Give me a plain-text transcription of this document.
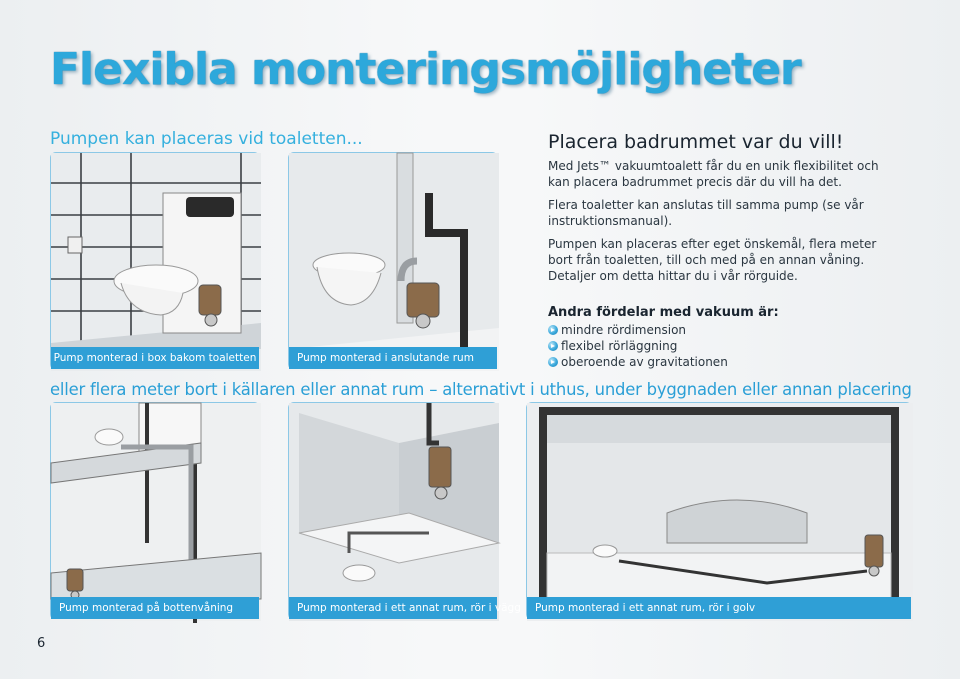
Flexibla monteringsmöjligheter
Pumpen kan placeras vid toaletten...
Pump monterad i box bakom toaletten	Pump monterad i anslutande rum
Placera badrummet var du vill!
Med Jets™ vakuumtoalett får du en unik flexibilitet och kan placera badrummet precis där du vill ha det.
Flera toaletter kan anslutas till samma pump (se vår instruktionsmanual).
Pumpen kan placeras efter eget önskemål, flera meter bort från toaletten, till och med på en annan våning. Detaljer om detta hittar du i vår rörguide.
Andra fördelar med vakuum är:
mindre rördimension
flexibel rörläggning
oberoende av gravitationen
eller flera meter bort i källaren eller annat rum – alternativt i uthus, under byggnaden eller annan placering
Pump monterad på bottenvåning	Pump monterad i ett annat rum, rör i vägg	Pump monterad i ett annat rum, rör i golv
6
